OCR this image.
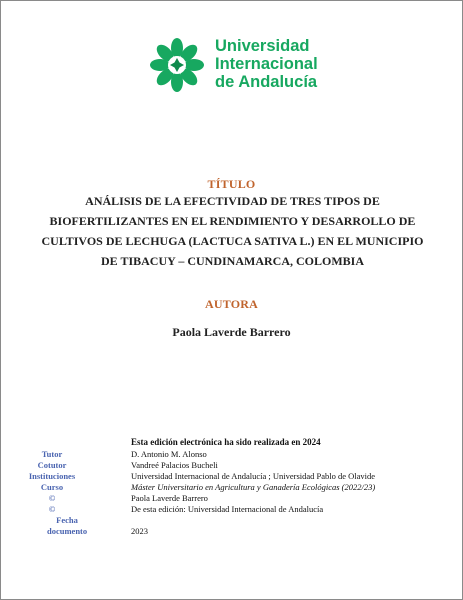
Universidad
Internacional
de Andalucía
TÍTULO
ANÁLISIS DE LA EFECTIVIDAD DE TRES TIPOS DE
BIOFERTILIZANTES EN EL RENDIMIENTO Y DESARROLLO DE
CULTIVOS DE LECHUGA (LACTUCA SATIVA L.) EN EL MUNICIPIO
DE TIBACUY – CUNDINAMARCA, COLOMBIA
AUTORA
Paola Laverde Barrero
Esta edición electrónica ha sido realizada en 2024
Tutor	D. Antonio M. Alonso
Cotutor	Vandreé Palacios Bucheli
Instituciones	Universidad Internacional de Andalucía ; Universidad Pablo de Olavide
Curso	Máster Universitario en Agricultura y Ganadería Ecológicas (2022/23)
©	Paola Laverde Barrero
©	De esta edición: Universidad Internacional de Andalucía
Fecha documento	2023
